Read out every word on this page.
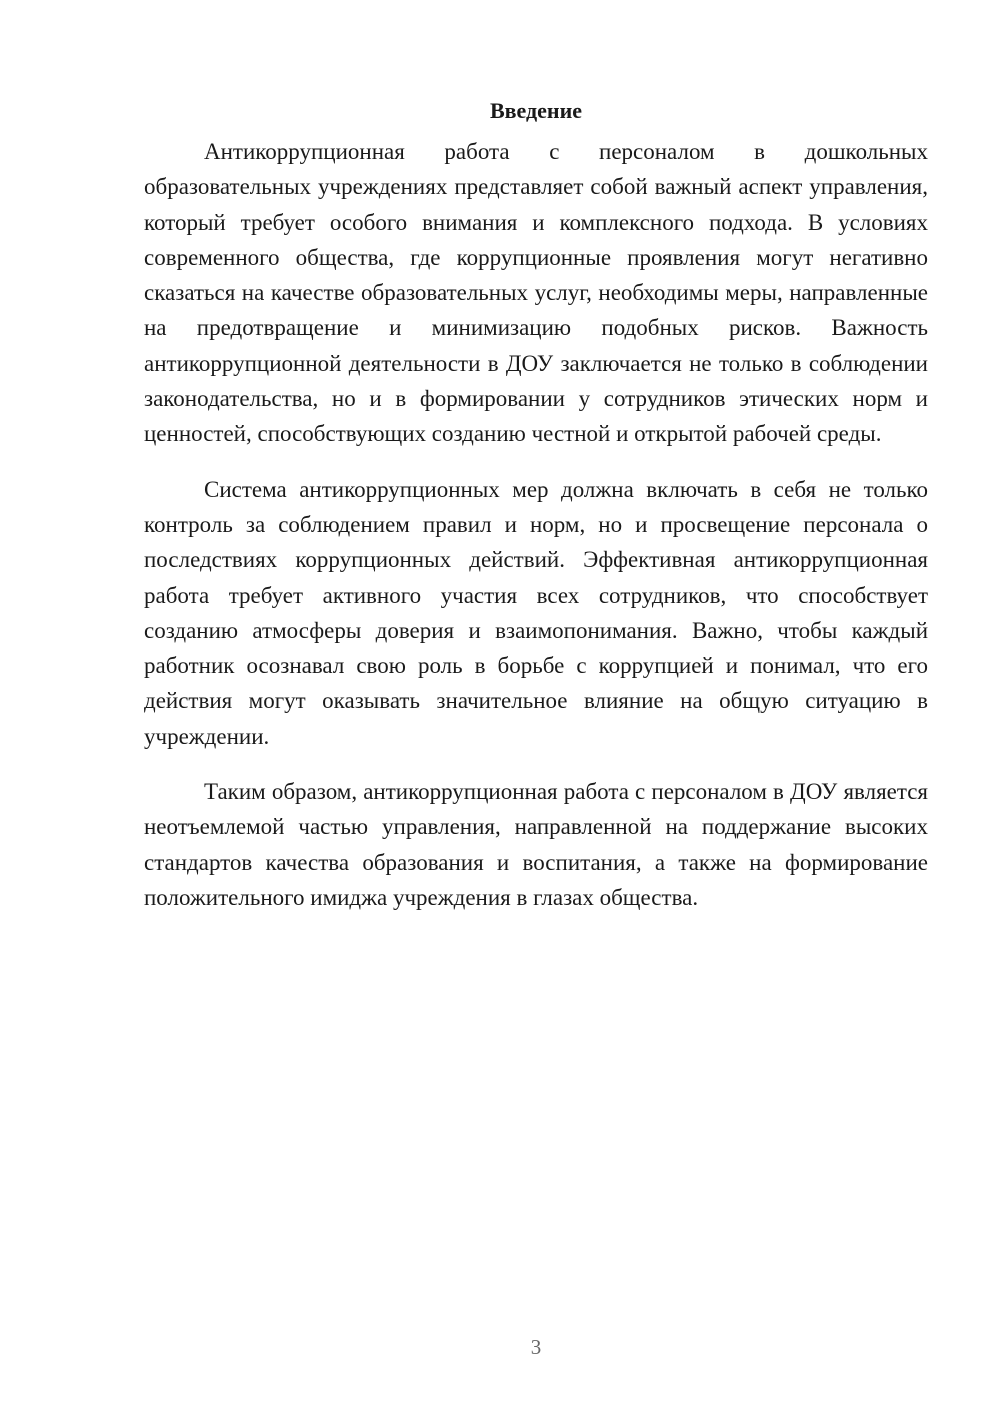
Введение

Антикоррупционная работа с персоналом в дошкольных образовательных учреждениях представляет собой важный аспект управления, который требует особого внимания и комплексного подхода. В условиях современного общества, где коррупционные проявления могут негативно сказаться на качестве образовательных услуг, необходимы меры, направленные на предотвращение и минимизацию подобных рисков. Важность антикоррупционной деятельности в ДОУ заключается не только в соблюдении законодательства, но и в формировании у сотрудников этических норм и ценностей, способствующих созданию честной и открытой рабочей среды.

Система антикоррупционных мер должна включать в себя не только контроль за соблюдением правил и норм, но и просвещение персонала о последствиях коррупционных действий. Эффективная антикоррупционная работа требует активного участия всех сотрудников, что способствует созданию атмосферы доверия и взаимопонимания. Важно, чтобы каждый работник осознавал свою роль в борьбе с коррупцией и понимал, что его действия могут оказывать значительное влияние на общую ситуацию в учреждении.

Таким образом, антикоррупционная работа с персоналом в ДОУ является неотъемлемой частью управления, направленной на поддержание высоких стандартов качества образования и воспитания, а также на формирование положительного имиджа учреждения в глазах общества.

3
